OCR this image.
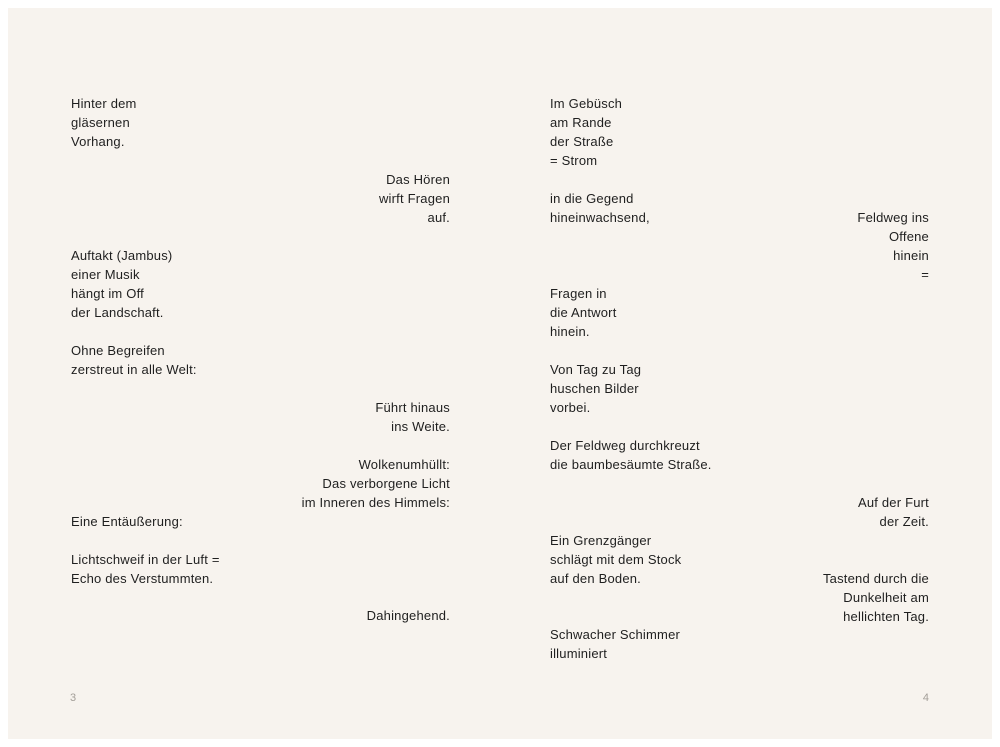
Hinter dem
gläsernen
Vorhang.
Das Hören
wirft Fragen
auf.
Auftakt (Jambus)
einer Musik
hängt im Off
der Landschaft.
Ohne Begreifen
zerstreut in alle Welt:
Führt hinaus
ins Weite.
Wolkenumhüllt:
Das verborgene Licht
im Inneren des Himmels:
Eine Entäußerung:
Lichtschweif in der Luft =
Echo des Verstummten.
Dahingehend.
3
Im Gebüsch
am Rande
der Straße
= Strom
in die Gegend
hineinwachsend,	Feldweg ins
Offene
hinein
=
Fragen in
die Antwort
hinein.
Von Tag zu Tag
huschen Bilder
vorbei.
Der Feldweg durchkreuzt
die baumbesäumte Straße.
Auf der Furt
der Zeit.
Ein Grenzgänger
schlägt mit dem Stock
auf den Boden.	Tastend durch die
Dunkelheit am
hellichten Tag.
Schwacher Schimmer
illuminiert
4
